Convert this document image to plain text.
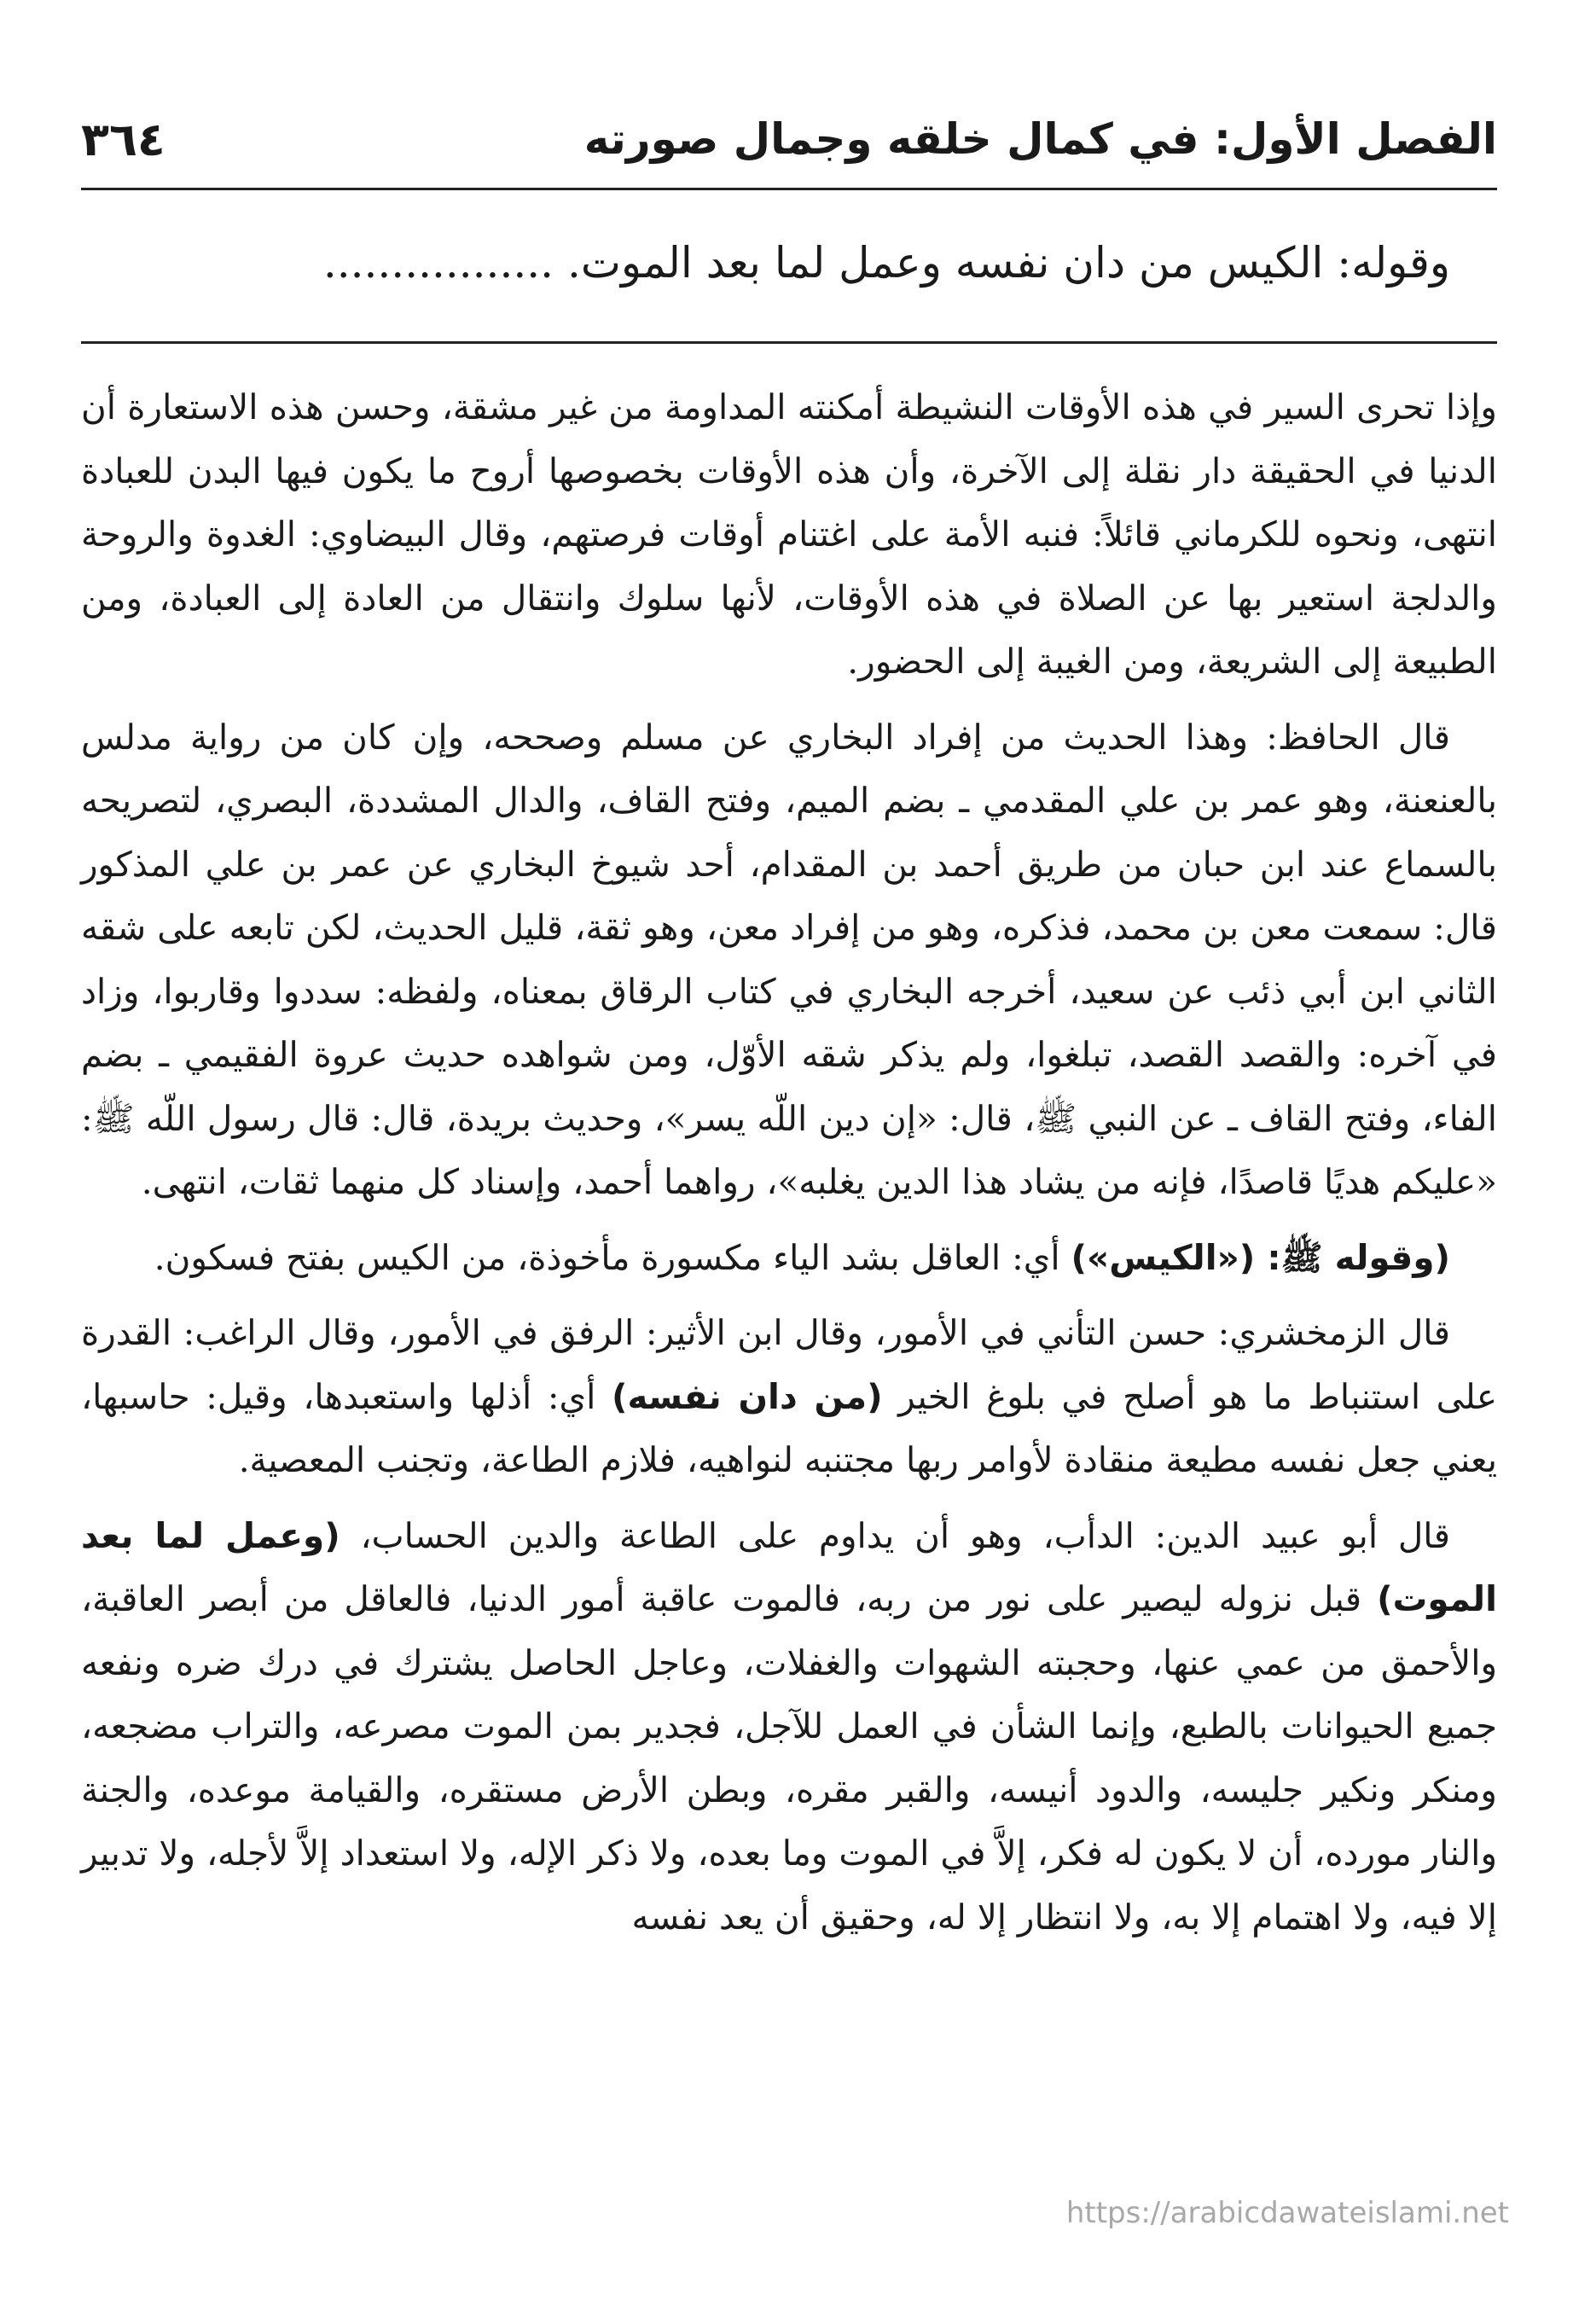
الفصل الأول: في كمال خلقه وجمال صورته
٣٦٤
وقوله: الكيس من دان نفسه وعمل لما بعد الموت. .................

وإذا تحرى السير في هذه الأوقات النشيطة أمكنته المداومة من غير مشقة، وحسن هذه الاستعارة أن الدنيا في الحقيقة دار نقلة إلى الآخرة، وأن هذه الأوقات بخصوصها أروح ما يكون فيها البدن للعبادة انتهى، ونحوه للكرماني قائلاً: فنبه الأمة على اغتنام أوقات فرصتهم، وقال البيضاوي: الغدوة والروحة والدلجة استعير بها عن الصلاة في هذه الأوقات، لأنها سلوك وانتقال من العادة إلى العبادة، ومن الطبيعة إلى الشريعة، ومن الغيبة إلى الحضور.

قال الحافظ: وهذا الحديث من إفراد البخاري عن مسلم وصححه، وإن كان من رواية مدلس بالعنعنة، وهو عمر بن علي المقدمي ـ بضم الميم، وفتح القاف، والدال المشددة، البصري، لتصريحه بالسماع عند ابن حبان من طريق أحمد بن المقدام، أحد شيوخ البخاري عن عمر بن علي المذكور قال: سمعت معن بن محمد، فذكره، وهو من إفراد معن، وهو ثقة، قليل الحديث، لكن تابعه على شقه الثاني ابن أبي ذئب عن سعيد، أخرجه البخاري في كتاب الرقاق بمعناه، ولفظه: سددوا وقاربوا، وزاد في آخره: والقصد القصد، تبلغوا، ولم يذكر شقه الأوّل، ومن شواهده حديث عروة الفقيمي ـ بضم الفاء، وفتح القاف ـ عن النبي ﷺ، قال: «إن دين اللّه يسر»، وحديث بريدة، قال: قال رسول اللّه ﷺ: «عليكم هديًا قاصدًا، فإنه من يشاد هذا الدين يغلبه»، رواهما أحمد، وإسناد كل منهما ثقات، انتهى.

(وقوله ﷺ: («الكيس») أي: العاقل بشد الياء مكسورة مأخوذة، من الكيس بفتح فسكون.

قال الزمخشري: حسن التأني في الأمور، وقال ابن الأثير: الرفق في الأمور، وقال الراغب: القدرة على استنباط ما هو أصلح في بلوغ الخير (من دان نفسه) أي: أذلها واستعبدها، وقيل: حاسبها، يعني جعل نفسه مطيعة منقادة لأوامر ربها مجتنبه لنواهيه، فلازم الطاعة، وتجنب المعصية.

قال أبو عبيد الدين: الدأب، وهو أن يداوم على الطاعة والدين الحساب، (وعمل لما بعد الموت) قبل نزوله ليصير على نور من ربه، فالموت عاقبة أمور الدنيا، فالعاقل من أبصر العاقبة، والأحمق من عمي عنها، وحجبته الشهوات والغفلات، وعاجل الحاصل يشترك في درك ضره ونفعه جميع الحيوانات بالطبع، وإنما الشأن في العمل للآجل، فجدير بمن الموت مصرعه، والتراب مضجعه، ومنكر ونكير جليسه، والدود أنيسه، والقبر مقره، وبطن الأرض مستقره، والقيامة موعده، والجنة والنار مورده، أن لا يكون له فكر، إلاَّ في الموت وما بعده، ولا ذكر الإله، ولا استعداد إلاَّ لأجله، ولا تدبير إلا فيه، ولا اهتمام إلا به، ولا انتظار إلا له، وحقيق أن يعد نفسه

https://arabicdawateislami.net
